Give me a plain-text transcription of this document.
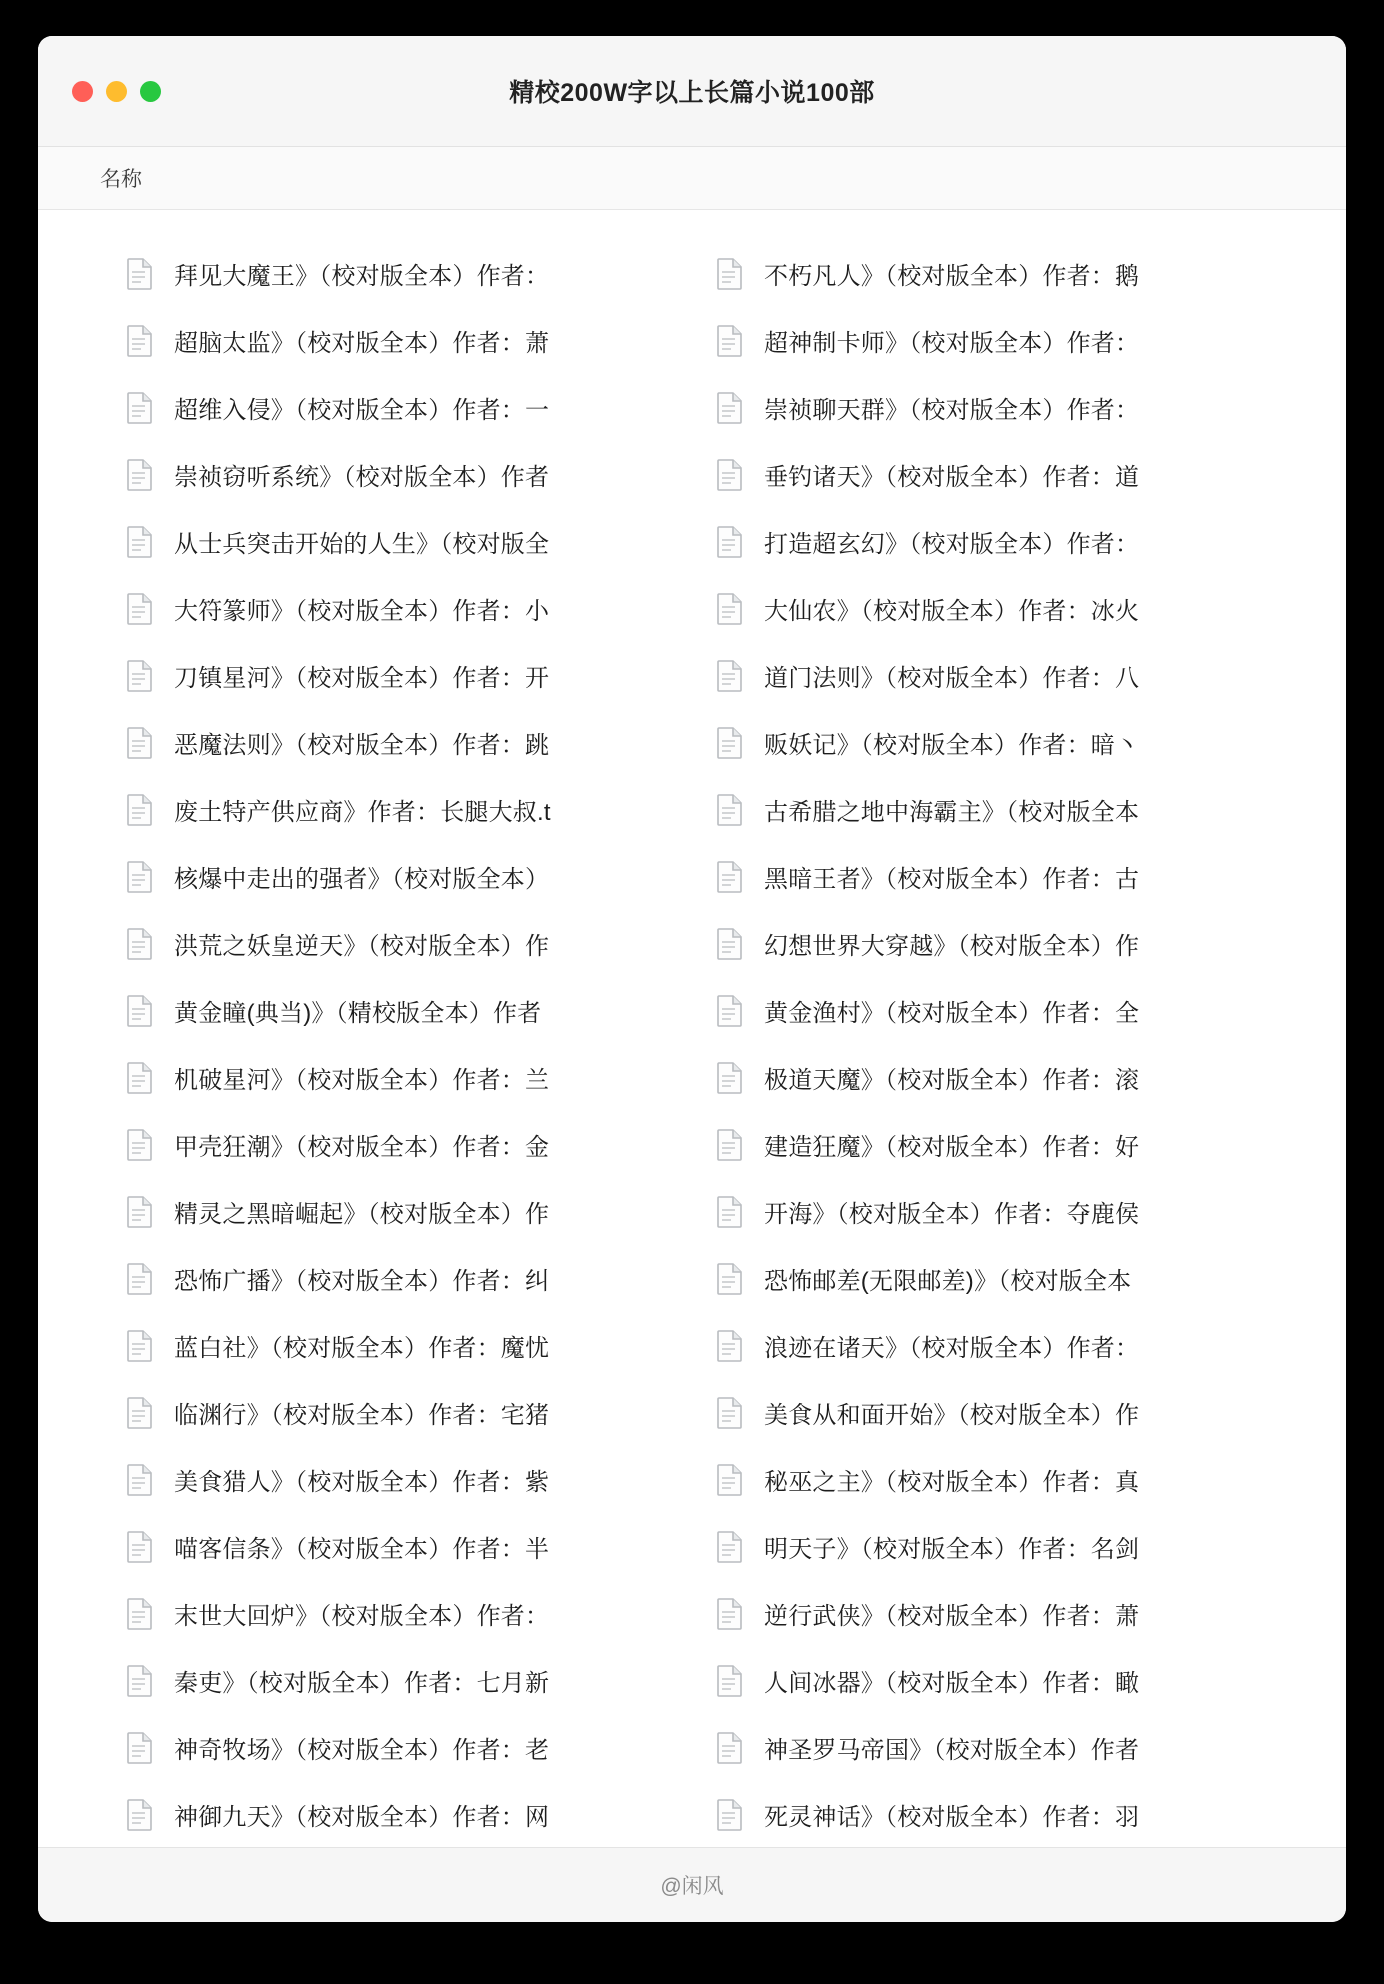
精校200W字以上长篇小说100部
名称
拜见大魔王》（校对版全本）作者：
超脑太监》（校对版全本）作者：萧
超维入侵》（校对版全本）作者：一
崇祯窃听系统》（校对版全本）作者
从士兵突击开始的人生》（校对版全
大符篆师》（校对版全本）作者：小
刀镇星河》（校对版全本）作者：开
恶魔法则》（校对版全本）作者：跳
废土特产供应商》作者：长腿大叔.t
核爆中走出的强者》（校对版全本）
洪荒之妖皇逆天》（校对版全本）作
黄金瞳(典当)》（精校版全本）作者
机破星河》（校对版全本）作者：兰
甲壳狂潮》（校对版全本）作者：金
精灵之黑暗崛起》（校对版全本）作
恐怖广播》（校对版全本）作者：纠
蓝白社》（校对版全本）作者：魔忧
临渊行》（校对版全本）作者：宅猪
美食猎人》（校对版全本）作者：紫
喵客信条》（校对版全本）作者：半
末世大回炉》（校对版全本）作者：
秦吏》（校对版全本）作者：七月新
神奇牧场》（校对版全本）作者：老
神御九天》（校对版全本）作者：网
不朽凡人》（校对版全本）作者：鹅
超神制卡师》（校对版全本）作者：
崇祯聊天群》（校对版全本）作者：
垂钓诸天》（校对版全本）作者：道
打造超玄幻》（校对版全本）作者：
大仙农》（校对版全本）作者：冰火
道门法则》（校对版全本）作者：八
贩妖记》（校对版全本）作者：暗丶
古希腊之地中海霸主》（校对版全本
黑暗王者》（校对版全本）作者：古
幻想世界大穿越》（校对版全本）作
黄金渔村》（校对版全本）作者：全
极道天魔》（校对版全本）作者：滚
建造狂魔》（校对版全本）作者：好
开海》（校对版全本）作者：夺鹿侯
恐怖邮差(无限邮差)》（校对版全本
浪迹在诸天》（校对版全本）作者：
美食从和面开始》（校对版全本）作
秘巫之主》（校对版全本）作者：真
明天子》（校对版全本）作者：名剑
逆行武侠》（校对版全本）作者：萧
人间冰器》（校对版全本）作者：瞰
神圣罗马帝国》（校对版全本）作者
死灵神话》（校对版全本）作者：羽
@闲风
